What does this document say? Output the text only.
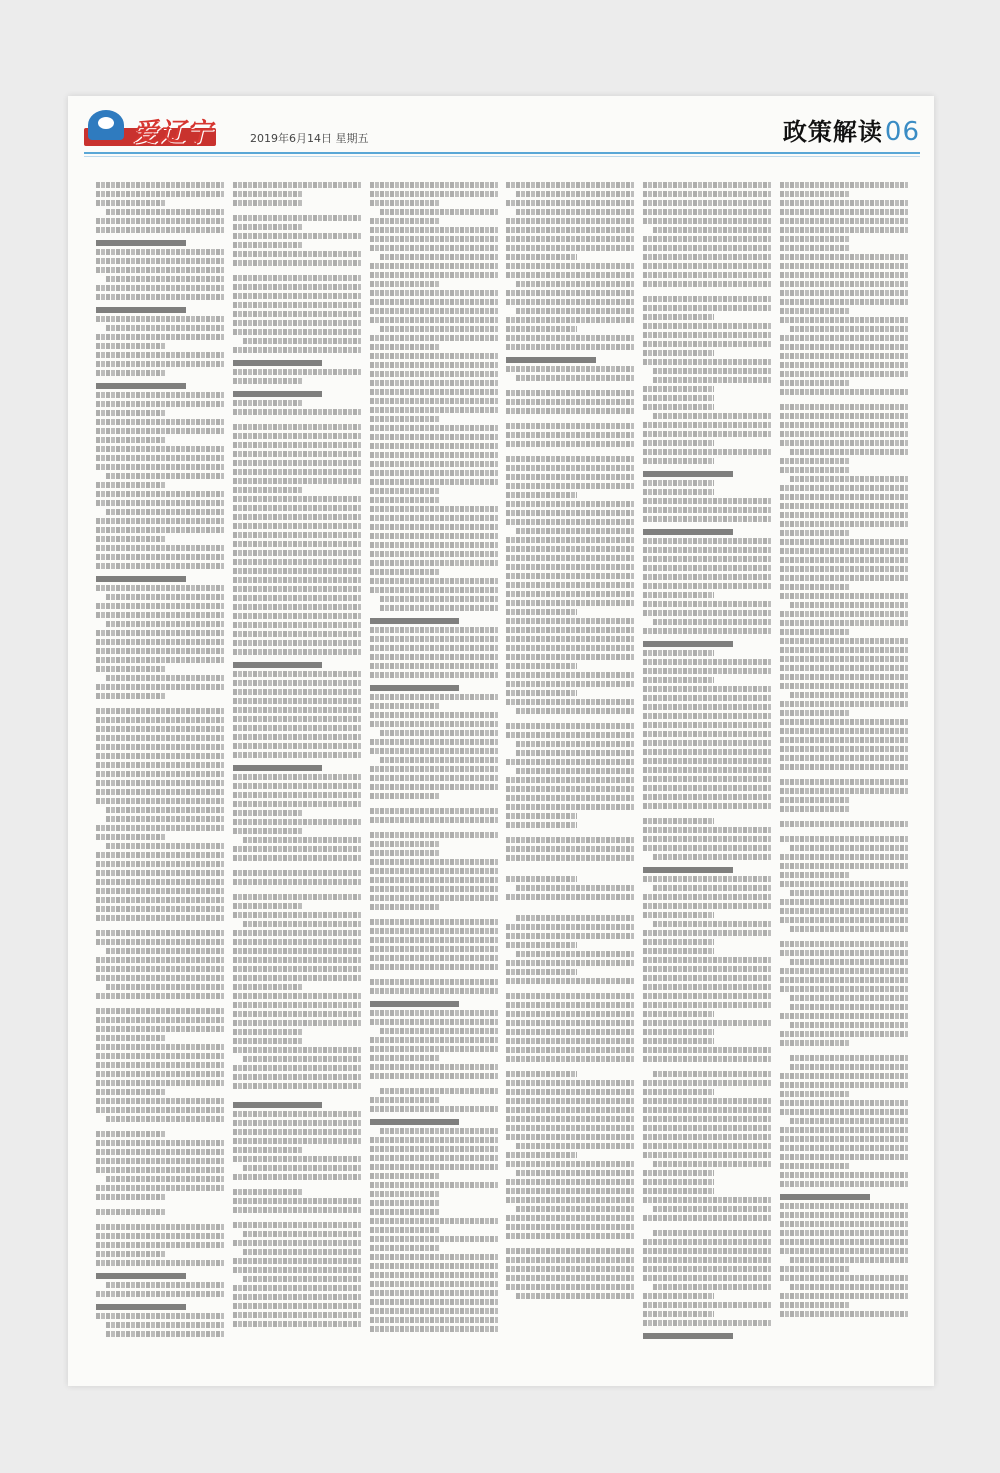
爱辽宁	2019年6月14日 星期五	政策解读06
